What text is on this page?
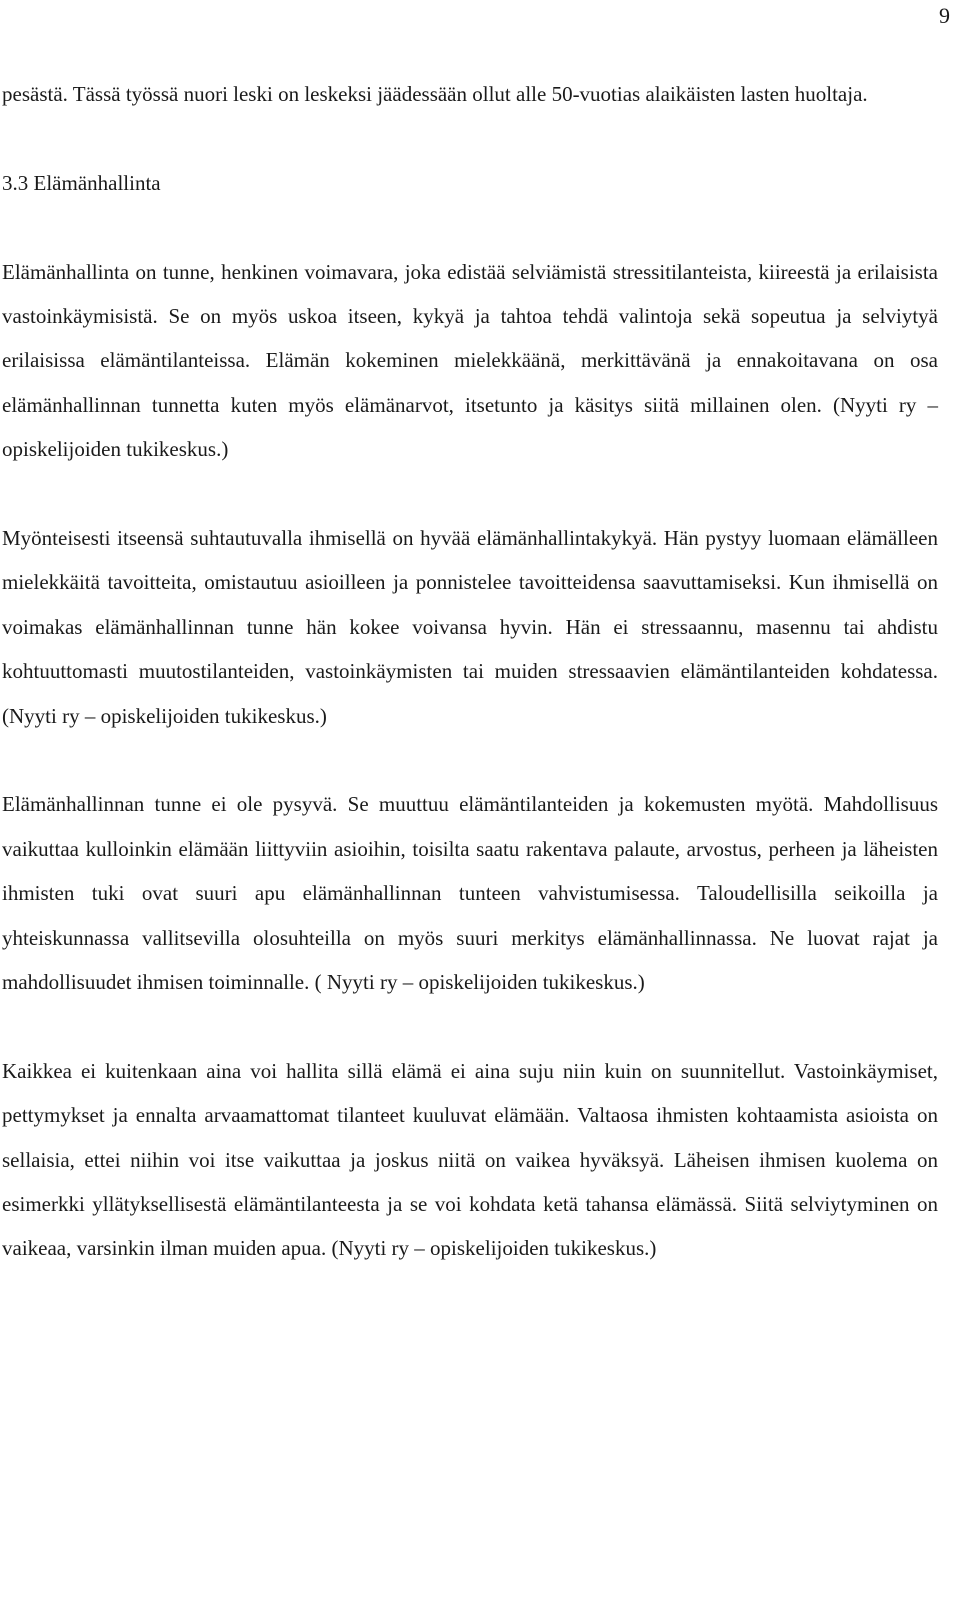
9

pesästä. Tässä työssä nuori leski on leskeksi jäädessään ollut alle 50-vuotias alaikäisten lasten huoltaja.

3.3 Elämänhallinta

Elämänhallinta on tunne, henkinen voimavara, joka edistää selviämistä stressitilanteista, kiireestä ja erilaisista vastoinkäymisistä. Se on myös uskoa itseen, kykyä ja tahtoa tehdä valintoja sekä sopeutua ja selviytyä erilaisissa elämäntilanteissa. Elämän kokeminen mielekkäänä, merkittävänä ja ennakoitavana on osa elämänhallinnan tunnetta kuten myös elämänarvot, itsetunto ja käsitys siitä millainen olen. (Nyyti ry – opiskelijoiden tukikeskus.)

Myönteisesti itseensä suhtautuvalla ihmisellä on hyvää elämänhallintakykyä. Hän pystyy luomaan elämälleen mielekkäitä tavoitteita, omistautuu asioilleen ja ponnistelee tavoitteidensa saavuttamiseksi. Kun ihmisellä on voimakas elämänhallinnan tunne hän kokee voivansa hyvin. Hän ei stressaannu, masennu tai ahdistu kohtuuttomasti muutostilanteiden, vastoinkäymisten tai muiden stressaavien elämäntilanteiden kohdatessa. (Nyyti ry – opiskelijoiden tukikeskus.)

Elämänhallinnan tunne ei ole pysyvä. Se muuttuu elämäntilanteiden ja kokemusten myötä. Mahdollisuus vaikuttaa kulloinkin elämään liittyviin asioihin, toisilta saatu rakentava palaute, arvostus, perheen ja läheisten ihmisten tuki ovat suuri apu elämänhallinnan tunteen vahvistumisessa. Taloudellisilla seikoilla ja yhteiskunnassa vallitsevilla olosuhteilla on myös suuri merkitys elämänhallinnassa. Ne luovat rajat ja mahdollisuudet ihmisen toiminnalle. ( Nyyti ry – opiskelijoiden tukikeskus.)

Kaikkea ei kuitenkaan aina voi hallita sillä elämä ei aina suju niin kuin on suunnitellut. Vastoinkäymiset, pettymykset ja ennalta arvaamattomat tilanteet kuuluvat elämään. Valtaosa ihmisten kohtaamista asioista on sellaisia, ettei niihin voi itse vaikuttaa ja joskus niitä on vaikea hyväksyä. Läheisen ihmisen kuolema on esimerkki yllätyksellisestä elämäntilanteesta ja se voi kohdata ketä tahansa elämässä. Siitä selviytyminen on vaikeaa, varsinkin ilman muiden apua. (Nyyti ry – opiskelijoiden tukikeskus.)
